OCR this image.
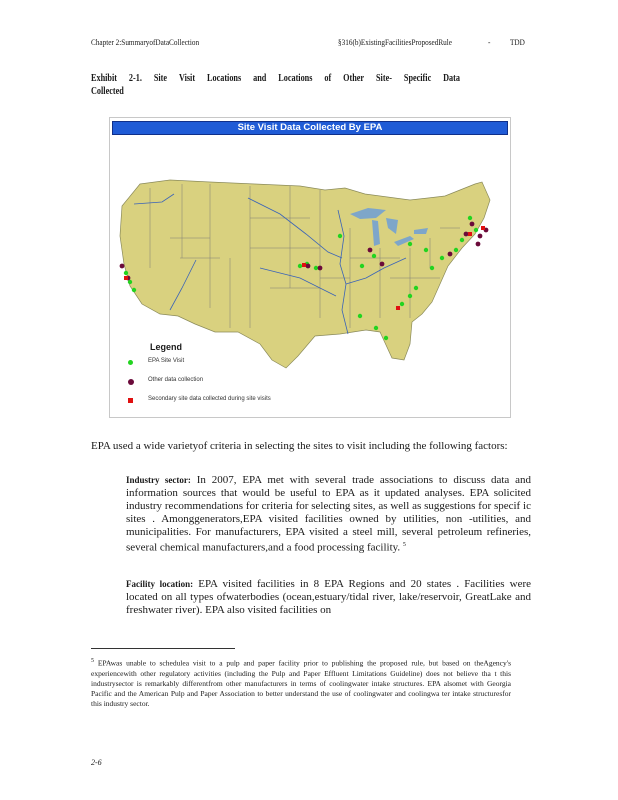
Chapter 2:SummaryofDataCollection	§316(b)ExistingFacilitiesProposedRule	- TDD
Exhibit 2-1. Site Visit Locations and Locations of Other Site- Specific Data
Collected
Site Visit Data Collected By EPA
Legend
EPA Site Visit
Other data collection
Secondary site data collected during site visits
EPA used a wide varietyof criteria in selecting the sites to visit including the following factors:
Industry sector: In 2007, EPA met with several trade associations to discuss data and information sources that would be useful to EPA as it updated analyses. EPA solicited industry recommendations for criteria for selecting sites, as well as suggestions for specif ic sites . Amonggenerators,EPA visited facilities owned by utilities, non -utilities, and municipalities. For manufacturers, EPA visited a steel mill, several petroleum refineries, several chemical manufacturers,and a food processing facility. $^5$
Facility location: EPA visited facilities in 8 EPA Regions and 20 states . Facilities were located on all types ofwaterbodies (ocean,estuary/tidal river, lake/reservoir, GreatLake and freshwater river). EPA also visited facilities on
$^5$ EPAwas unable to schedulea visit to a pulp and paper facility prior to publishing the proposed rule, but based on theAgency's experiencewith other regulatory activities (including the Pulp and Paper Effluent Limitations Guideline) does not believe tha t this industrysector is remarkably differentfrom other manufacturers in terms of coolingwater intake structures. EPA alsomet with Georgia Pacific and the American Pulp and Paper Association to better understand the use of coolingwater and coolingwa ter intake structuresfor this industry sector.
2-6
